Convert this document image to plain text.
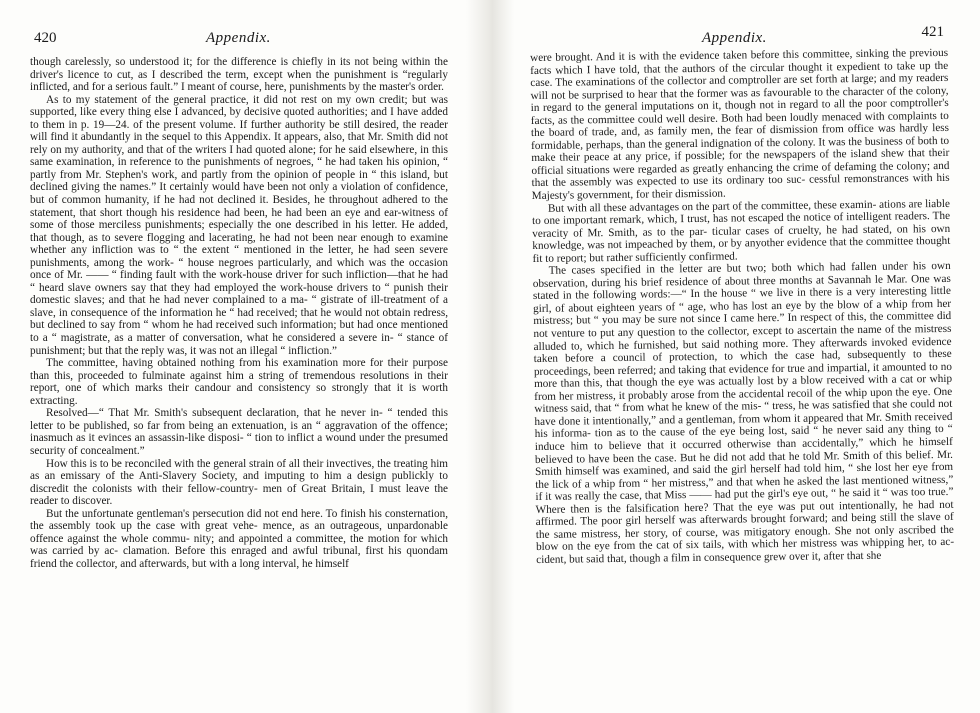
420	Appendix.

though carelessly, so understood it; for the difference is chiefly in its not being within the driver's licence to cut, as I described the term, except when the punishment is “regularly inflicted, and for a serious fault.” I meant of course, here, punishments by the master's order.

As to my statement of the general practice, it did not rest on my own credit; but was supported, like every thing else I advanced, by decisive quoted authorities; and I have added to them in p. 19—24. of the present volume. If further authority be still desired, the reader will find it abundantly in the sequel to this Appendix. It appears, also, that Mr. Smith did not rely on my authority, and that of the writers I had quoted alone; for he said elsewhere, in this same examination, in reference to the punishments of negroes, “ he had taken his opinion, “ partly from Mr. Stephen's work, and partly from the opinion of people in “ this island, but declined giving the names.” It certainly would have been not only a violation of confidence, but of common humanity, if he had not declined it. Besides, he throughout adhered to the statement, that short though his residence had been, he had been an eye and ear-witness of some of those merciless punishments; especially the one described in his letter. He added, that though, as to severe flogging and lacerating, he had not been near enough to examine whether any infliction was to “ the extent “ mentioned in the letter, he had seen severe punishments, among the work- “ house negroes particularly, and which was the occasion once of Mr. —— “ finding fault with the work-house driver for such infliction—that he had “ heard slave owners say that they had employed the work-house drivers to “ punish their domestic slaves; and that he had never complained to a ma- “ gistrate of ill-treatment of a slave, in consequence of the information he “ had received; that he would not obtain redress, but declined to say from “ whom he had received such information; but had once mentioned to a “ magistrate, as a matter of conversation, what he considered a severe in- “ stance of punishment; but that the reply was, it was not an illegal “ infliction.”

The committee, having obtained nothing from his examination more for their purpose than this, proceeded to fulminate against him a string of tremendous resolutions in their report, one of which marks their candour and consistency so strongly that it is worth extracting.

Resolved—“ That Mr. Smith's subsequent declaration, that he never in- “ tended this letter to be published, so far from being an extenuation, is an “ aggravation of the offence; inasmuch as it evinces an assassin-like disposi- “ tion to inflict a wound under the presumed security of concealment.”

How this is to be reconciled with the general strain of all their invectives, the treating him as an emissary of the Anti-Slavery Society, and imputing to him a design publickly to discredit the colonists with their fellow-country- men of Great Britain, I must leave the reader to discover.

But the unfortunate gentleman's persecution did not end here. To finish his consternation, the assembly took up the case with great vehe- mence, as an outrageous, unpardonable offence against the whole commu- nity; and appointed a committee, the motion for which was carried by ac- clamation. Before this enraged and awful tribunal, first his quondam friend the collector, and afterwards, but with a long interval, he himself

Appendix.	421

were brought. And it is with the evidence taken before this committee, sinking the previous facts which I have told, that the authors of the circular thought it expedient to take up the case. The examinations of the collector and comptroller are set forth at large; and my readers will not be surprised to hear that the former was as favourable to the character of the colony, in regard to the general imputations on it, though not in regard to all the poor comptroller's facts, as the committee could well desire. Both had been loudly menaced with complaints to the board of trade, and, as family men, the fear of dismission from office was hardly less formidable, perhaps, than the general indignation of the colony. It was the business of both to make their peace at any price, if possible; for the newspapers of the island shew that their official situations were regarded as greatly enhancing the crime of defaming the colony; and that the assembly was expected to use its ordinary too suc- cessful remonstrances with his Majesty's government, for their dismission.

But with all these advantages on the part of the committee, these examin- ations are liable to one important remark, which, I trust, has not escaped the notice of intelligent readers. The veracity of Mr. Smith, as to the par- ticular cases of cruelty, he had stated, on his own knowledge, was not impeached by them, or by anyother evidence that the committee thought fit to report; but rather sufficiently confirmed.

The cases specified in the letter are but two; both which had fallen under his own observation, during his brief residence of about three months at Savannah le Mar. One was stated in the following words:—“ In the house “ we live in there is a very interesting little girl, of about eighteen years of “ age, who has lost an eye by the blow of a whip from her mistress; but “ you may be sure not since I came here.” In respect of this, the committee did not venture to put any question to the collector, except to ascertain the name of the mistress alluded to, which he furnished, but said nothing more. They afterwards invoked evidence taken before a council of protection, to which the case had, subsequently to these proceedings, been referred; and taking that evidence for true and impartial, it amounted to no more than this, that though the eye was actually lost by a blow received with a cat or whip from her mistress, it probably arose from the accidental recoil of the whip upon the eye. One witness said, that “ from what he knew of the mis- “ tress, he was satisfied that she could not have done it intentionally,” and a gentleman, from whom it appeared that Mr. Smith received his informa- tion as to the cause of the eye being lost, said “ he never said any thing to “ induce him to believe that it occurred otherwise than accidentally,” which he himself believed to have been the case. But he did not add that he told Mr. Smith of this belief. Mr. Smith himself was examined, and said the girl herself had told him, “ she lost her eye from the lick of a whip from “ her mistress,” and that when he asked the last mentioned witness,” if it was really the case, that Miss —— had put the girl's eye out, “ he said it “ was too true.” Where then is the falsification here? That the eye was put out intentionally, he had not affirmed. The poor girl herself was afterwards brought forward; and being still the slave of the same mistress, her story, of course, was mitigatory enough. She not only ascribed the blow on the eye from the cat of six tails, with which her mistress was whipping her, to ac- cident, but said that, though a film in consequence grew over it, after that she
